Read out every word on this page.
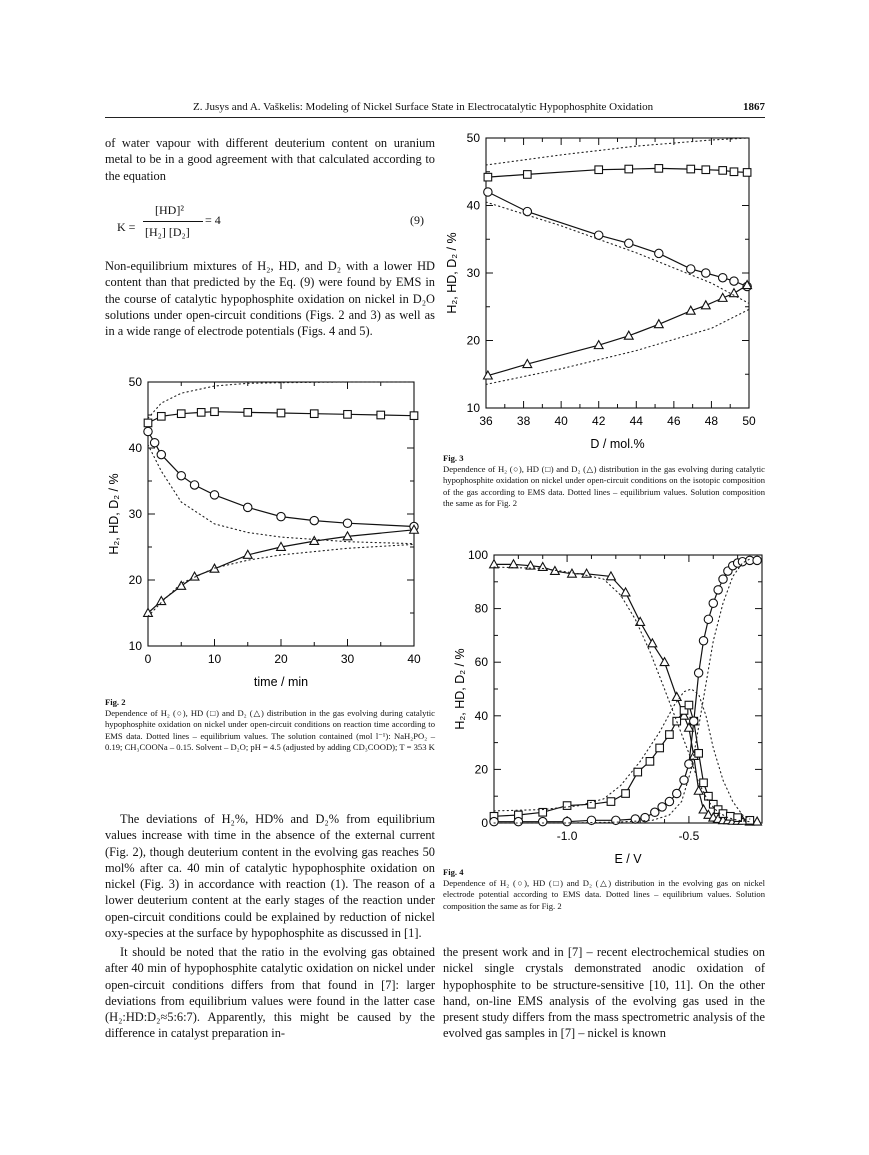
Z. Jusys and A. Vaškelis: Modeling of Nickel Surface State in Electrocatalytic Hypophosphite Oxidation	1867

of water vapour with different deuterium content on uranium metal to be in a good agreement with that calculated according to the equation

K =
[HD]²
[H₂] [D₂]
= 4	(9)

Non-equilibrium mixtures of H₂, HD, and D₂ with a lower HD content than that predicted by the Eq. (9) were found by EMS in the course of catalytic hypophosphite oxidation on nickel in D₂O solutions under open-circuit conditions (Figs. 2 and 3) as well as in a wide range of electrode potentials (Figs. 4 and 5).

0	10	20	30	40
10
20
30
40
50
time / min
H₂, HD, D₂ / %
Fig. 2
Dependence of H₂ (○), HD (□) and D₂ (△) distribution in the gas evolving during catalytic hypophosphite oxidation on nickel under open-circuit conditions on reaction time according to EMS data. Dotted lines – equilibrium values. The solution contained (mol l⁻¹): NaH₂PO₂ – 0.19; CH₃COONa – 0.15. Solvent – D₂O; pH = 4.5 (adjusted by adding CD₃COOD); T = 353 K

The deviations of H₂%, HD% and D₂% from equilibrium values increase with time in the absence of the external current (Fig. 2), though deuterium content in the evolving gas reaches 50 mol% after ca. 40 min of catalytic hypophosphite oxidation on nickel (Fig. 3) in accordance with reaction (1). The reason of a lower deuterium content at the early stages of the reaction under open-circuit conditions could be explained by reduction of nickel oxy-species at the surface by hypophosphite as discussed in [1].

It should be noted that the ratio in the evolving gas obtained after 40 min of hypophosphite catalytic oxidation on nickel under open-circuit conditions differs from that found in [7]: larger deviations from equilibrium values were found in the latter case (H₂:HD:D₂≈5:6:7). Apparently, this might be caused by the difference in catalyst preparation in-

36 38 40 42 44 46 48 50
10
20
30
40
50
D / mol.%
H₂, HD, D₂ / %
Fig. 3
Dependence of H₂ (○), HD (□) and D₂ (△) distribution in the gas evolving during catalytic hypophosphite oxidation on nickel under open-circuit conditions on the isotopic composition of the gas according to EMS data. Dotted lines – equilibrium values. Solution composition the same as for Fig. 2
-1.0	-0.5
0
20
40
60
80
100
E / V
H₂, HD, D₂ / %
Fig. 4
Dependence of H₂ (○), HD (□) and D₂ (△) distribution in the evolving gas on nickel electrode potential according to EMS data. Dotted lines – equilibrium values. Solution composition the same as for Fig. 2

the present work and in [7] – recent electrochemical studies on nickel single crystals demonstrated anodic oxidation of hypophosphite to be structure-sensitive [10, 11]. On the other hand, on-line EMS analysis of the evolving gas used in the present study differs from the mass spectrometric analysis of the evolved gas samples in [7] – nickel is known
